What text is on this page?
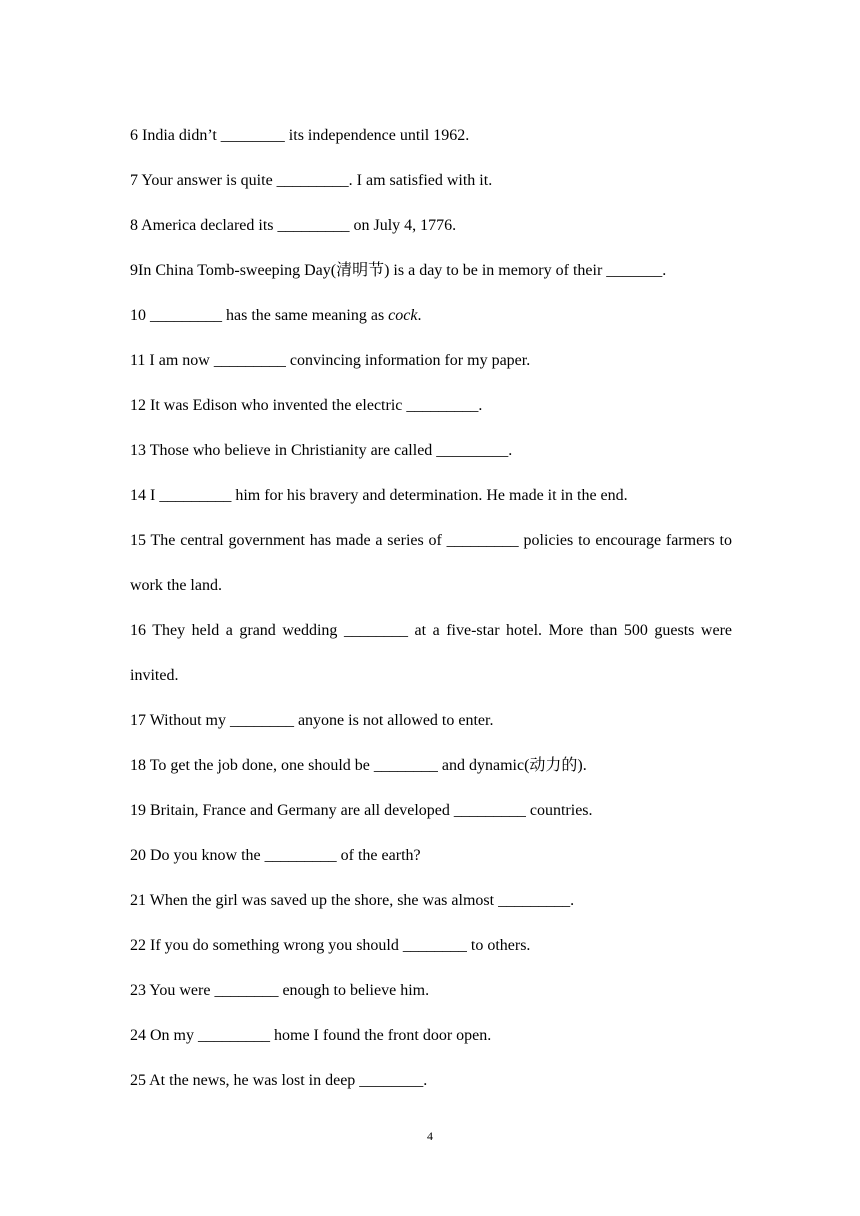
6 India didn’t ________ its independence until 1962.
7 Your answer is quite _________. I am satisfied with it.
8 America declared its _________ on July 4, 1776.
9In China Tomb-sweeping Day(清明节) is a day to be in memory of their _______.
10 _________ has the same meaning as cock.
11 I am now _________ convincing information for my paper.
12 It was Edison who invented the electric _________.
13 Those who believe in Christianity are called _________.
14 I _________ him for his bravery and determination. He made it in the end.
15 The central government has made a series of _________ policies to encourage farmers to work the land.
16 They held a grand wedding ________ at a five-star hotel. More than 500 guests were invited.
17 Without my ________ anyone is not allowed to enter.
18 To get the job done, one should be ________ and dynamic(动力的).
19 Britain, France and Germany are all developed _________ countries.
20 Do you know the _________ of the earth?
21 When the girl was saved up the shore, she was almost _________.
22 If you do something wrong you should ________ to others.
23 You were ________ enough to believe him.
24 On my _________ home I found the front door open.
25 At the news, he was lost in deep ________.
4
